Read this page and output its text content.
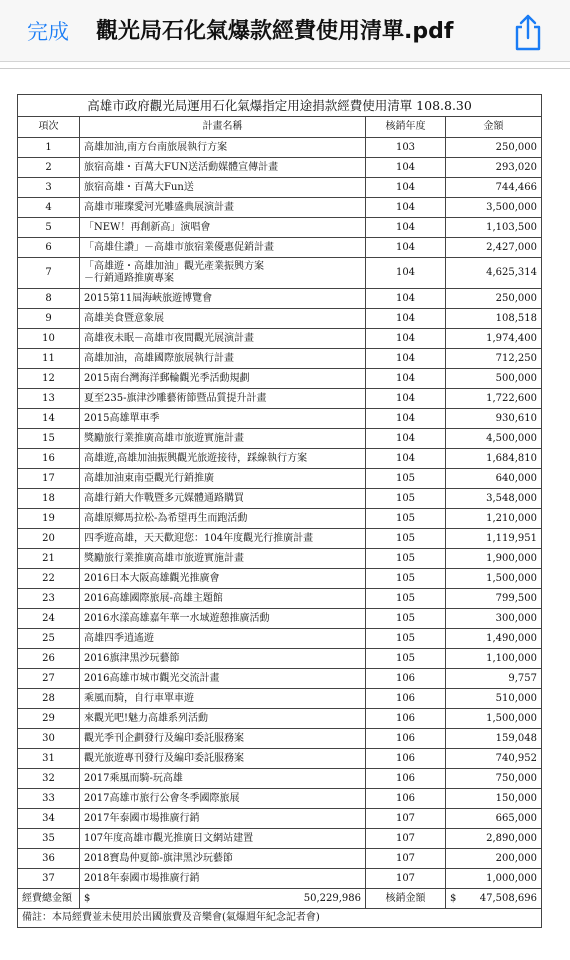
完成 觀光局石化氣爆款經費使用清單.pdf
高雄市政府觀光局運用石化氣爆指定用途捐款經費使用清單 108.8.30			
項次	計畫名稱	核銷年度	金額
1	高雄加油,南方台南旅展執行方案	103	250,000
2	旅宿高雄・百萬大FUN送活動媒體宣傳計畫	104	293,020
3	旅宿高雄・百萬大Fun送	104	744,466
4	高雄市璀璨愛河光雕盛典展演計畫	104	3,500,000
5	「NEW！再創新高」演唱會	104	1,103,500
6	「高雄住讚」－高雄市旅宿業優惠促銷計畫	104	2,427,000
7	「高雄遊・高雄加油」觀光產業振興方案
－行銷通路推廣專案	104	4,625,314
8	2015第11屆海峽旅遊博覽會	104	250,000
9	高雄美食暨意象展	104	108,518
10	高雄夜未眠－高雄市夜間觀光展演計畫	104	1,974,400
11	高雄加油，高雄國際旅展執行計畫	104	712,250
12	2015南台灣海洋郵輪觀光季活動規劃	104	500,000
13	夏至235-旗津沙雕藝術節暨品質提升計畫	104	1,722,600
14	2015高雄單車季	104	930,610
15	獎勵旅行業推廣高雄市旅遊實施計畫	104	4,500,000
16	高雄遊,高雄加油振興觀光旅遊接待，踩線執行方案	104	1,684,810
17	高雄加油東南亞觀光行銷推廣	105	640,000
18	高雄行銷大作戰暨多元媒體通路購買	105	3,548,000
19	高雄原鄉馬拉松-為希望再生而跑活動	105	1,210,000
20	四季遊高雄，天天歡迎您：104年度觀光行推廣計畫	105	1,119,951
21	獎勵旅行業推廣高雄市旅遊實施計畫	105	1,900,000
22	2016日本大阪高雄觀光推廣會	105	1,500,000
23	2016高雄國際旅展-高雄主題館	105	799,500
24	2016水漾高雄嘉年華一水域遊憩推廣活動	105	300,000
25	高雄四季逍遙遊	105	1,490,000
26	2016旗津黑沙玩藝節	105	1,100,000
27	2016高雄市城市觀光交流計畫	106	9,757
28	乘風而騎，自行車單車遊	106	510,000
29	來觀光吧!魅力高雄系列活動	106	1,500,000
30	觀光季刊企劃發行及編印委託服務案	106	159,048
31	觀光旅遊專刊發行及編印委託服務案	106	740,952
32	2017乘風而騎-玩高雄	106	750,000
33	2017高雄市旅行公會冬季國際旅展	106	150,000
34	2017年泰國市場推廣行銷	107	665,000
35	107年度高雄市觀光推廣日文網站建置	107	2,890,000
36	2018寶島仲夏節-旗津黑沙玩藝節	107	200,000
37	2018年泰國市場推廣行銷	107	1,000,000
經費總金額	$ 50,229,986	核銷金額	$ 47,508,696
備註：本局經費並未使用於出國旅費及音樂會(氣爆週年紀念記者會)			
